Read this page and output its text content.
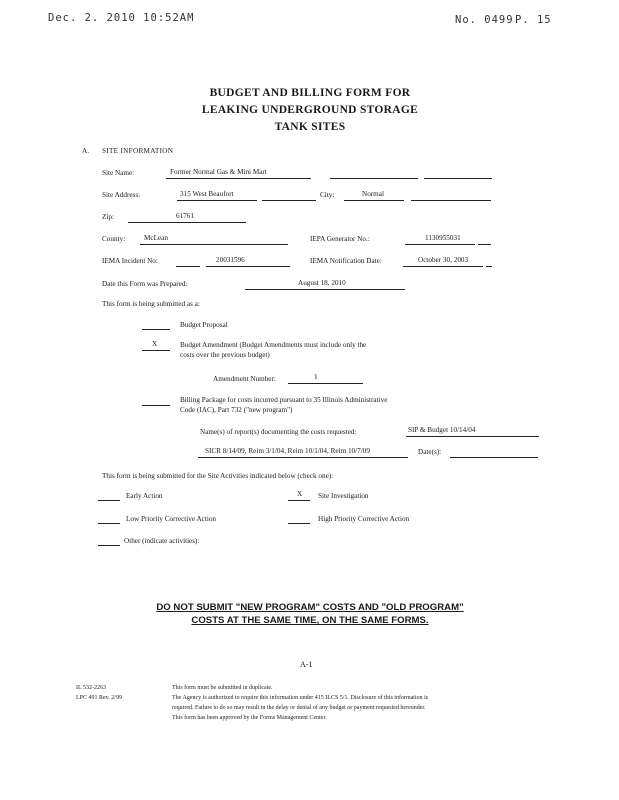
Dec. 2. 2010 10:52AM	No. 0499 P. 15
BUDGET AND BILLING FORM FOR
LEAKING UNDERGROUND STORAGE
TANK SITES
A. SITE INFORMATION
Site Name:	Former Normal Gas & Mini Mart
Site Address:	315 West Beaufort	City:	Normal
Zip:	61761
County:	McLean	IEPA Generator No.:	1130955031
IEMA Incident No:	20031596	IEMA Notification Date:	October 30, 2003
Date this Form was Prepared:	August 18, 2010
This form is being submitted as a:
Budget Proposal
X	Budget Amendment (Budget Amendments must include only the
costs over the previous budget)
Amendment Number:	1
Billing Package for costs incurred pursuant to 35 Illinois Administrative
Code (IAC), Part 732 ("new program")
Name(s) of report(s) documenting the costs requested:	SIP & Budget 10/14/04
SICR 8/14/09, Reim 3/1/04, Reim 10/1/04, Reim 10/7/09	Date(s):
This form is being submitted for the Site Activities indicated below (check one):
Early Action	X Site Investigation
Low Priority Corrective Action	High Priority Corrective Action
Other (indicate activities):
DO NOT SUBMIT "NEW PROGRAM" COSTS AND "OLD PROGRAM"
COSTS AT THE SAME TIME, ON THE SAME FORMS.
A-1
IL 532-2263
LPC 491 Rev. 2/99
This form must be submitted in duplicate.
The Agency is authorized to require this information under 415 ILCS 5/1. Disclosure of this information is
required. Failure to do so may result in the delay or denial of any budget or payment requested hereunder.
This form has been approved by the Forms Management Center.
